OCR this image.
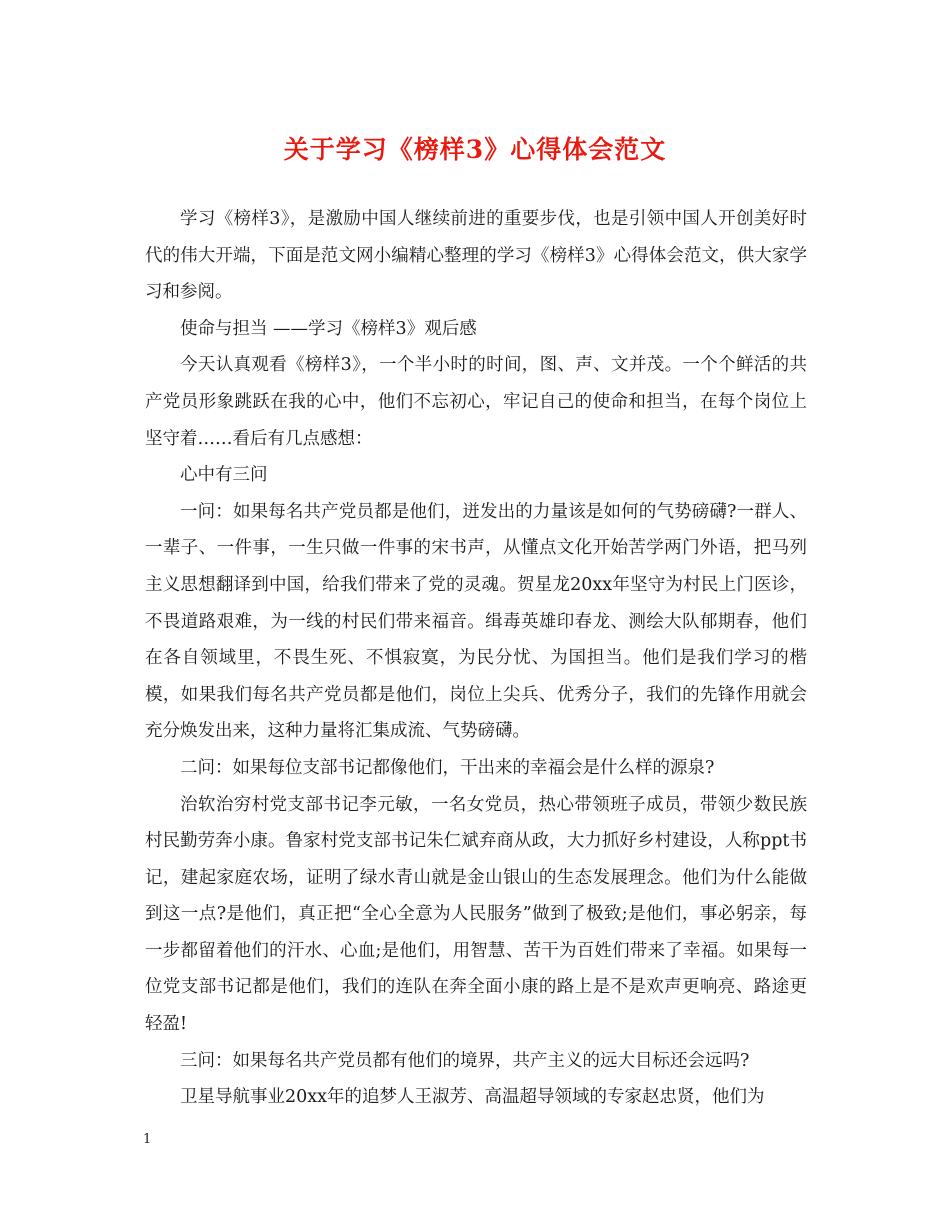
关于学习《榜样3》心得体会范文

学习《榜样3》，是激励中国人继续前进的重要步伐，也是引领中国人开创美好时代的伟大开端，下面是范文网小编精心整理的学习《榜样3》心得体会范文，供大家学习和参阅。

使命与担当 ——学习《榜样3》观后感

今天认真观看《榜样3》，一个半小时的时间，图、声、文并茂。一个个鲜活的共产党员形象跳跃在我的心中，他们不忘初心，牢记自己的使命和担当，在每个岗位上坚守着……看后有几点感想：

心中有三问

一问：如果每名共产党员都是他们，迸发出的力量该是如何的气势磅礴?一群人、一辈子、一件事，一生只做一件事的宋书声，从懂点文化开始苦学两门外语，把马列主义思想翻译到中国，给我们带来了党的灵魂。贺星龙20xx年坚守为村民上门医诊，不畏道路艰难，为一线的村民们带来福音。缉毒英雄印春龙、测绘大队郁期春，他们在各自领域里，不畏生死、不惧寂寞，为民分忧、为国担当。他们是我们学习的楷模，如果我们每名共产党员都是他们，岗位上尖兵、优秀分子，我们的先锋作用就会充分焕发出来，这种力量将汇集成流、气势磅礴。

二问：如果每位支部书记都像他们，干出来的幸福会是什么样的源泉?

治软治穷村党支部书记李元敏，一名女党员，热心带领班子成员，带领少数民族村民勤劳奔小康。鲁家村党支部书记朱仁斌弃商从政，大力抓好乡村建设，人称ppt书记，建起家庭农场，证明了绿水青山就是金山银山的生态发展理念。他们为什么能做到这一点?是他们，真正把“全心全意为人民服务”做到了极致;是他们，事必躬亲，每一步都留着他们的汗水、心血;是他们，用智慧、苦干为百姓们带来了幸福。如果每一位党支部书记都是他们，我们的连队在奔全面小康的路上是不是欢声更响亮、路途更轻盈!

三问：如果每名共产党员都有他们的境界，共产主义的远大目标还会远吗?

卫星导航事业20xx年的追梦人王淑芳、高温超导领域的专家赵忠贤，他们为

1
